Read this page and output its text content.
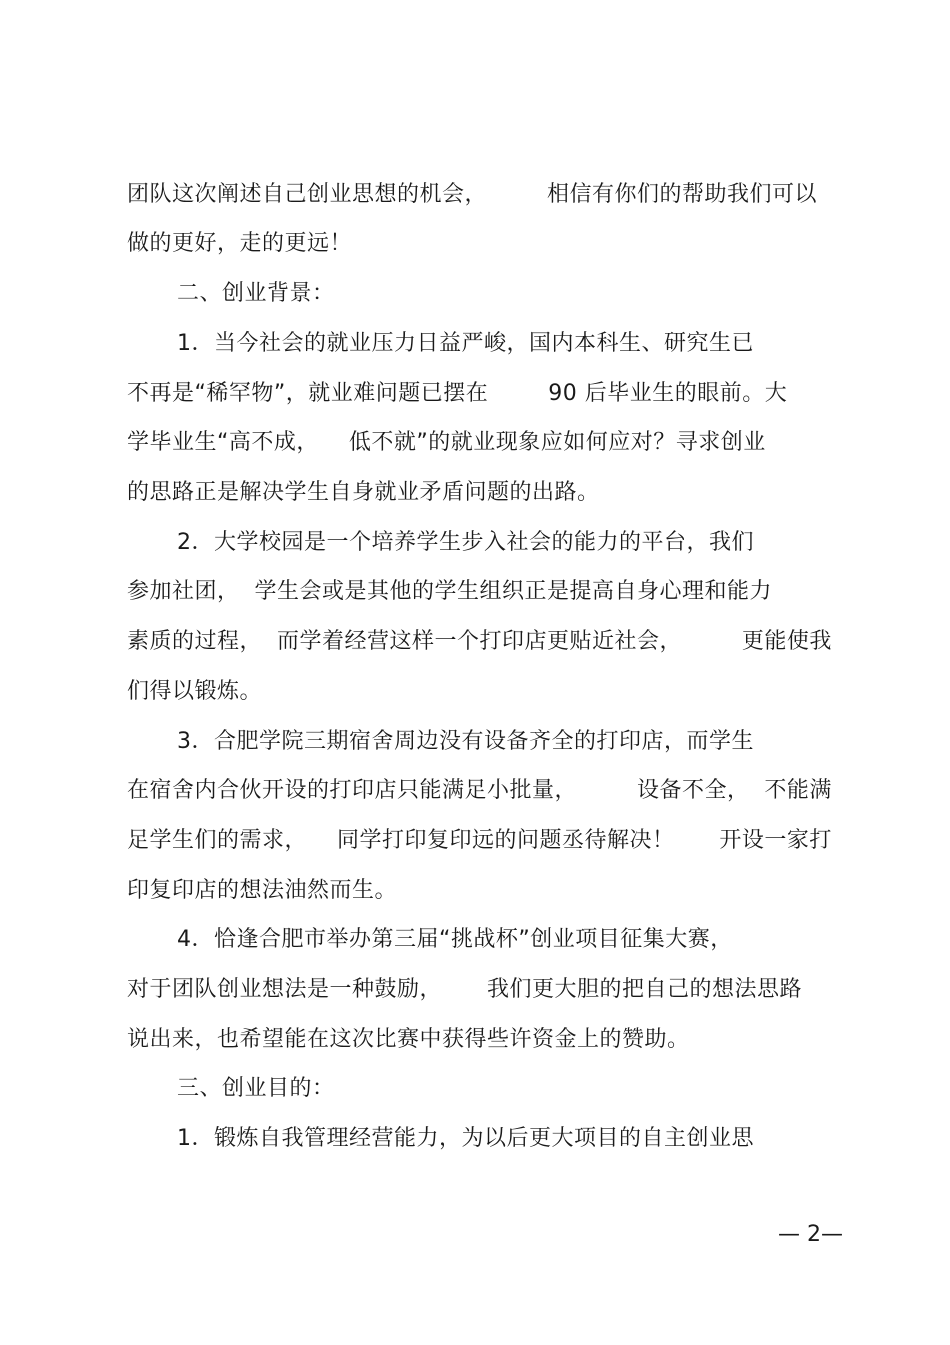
团队这次阐述自己创业思想的机会，        相信有你们的帮助我们可以
做的更好，走的更远！
二、创业背景：
1．当今社会的就业压力日益严峻，国内本科生、研究生已
不再是“稀罕物”，就业难问题已摆在        90 后毕业生的眼前。大
学毕业生“高不成，    低不就”的就业现象应如何应对？寻求创业
的思路正是解决学生自身就业矛盾问题的出路。
2．大学校园是一个培养学生步入社会的能力的平台，我们
参加社团，  学生会或是其他的学生组织正是提高自身心理和能力
素质的过程，  而学着经营这样一个打印店更贴近社会，        更能使我
们得以锻炼。
3．合肥学院三期宿舍周边没有设备齐全的打印店，而学生
在宿舍内合伙开设的打印店只能满足小批量，        设备不全，  不能满
足学生们的需求，    同学打印复印远的问题丞待解决！      开设一家打
印复印店的想法油然而生。
4．恰逢合肥市举办第三届“挑战杯”创业项目征集大赛，
对于团队创业想法是一种鼓励，      我们更大胆的把自己的想法思路
说出来，也希望能在这次比赛中获得些许资金上的赞助。
三、创业目的：
1．锻炼自我管理经营能力，为以后更大项目的自主创业思
— 2—
